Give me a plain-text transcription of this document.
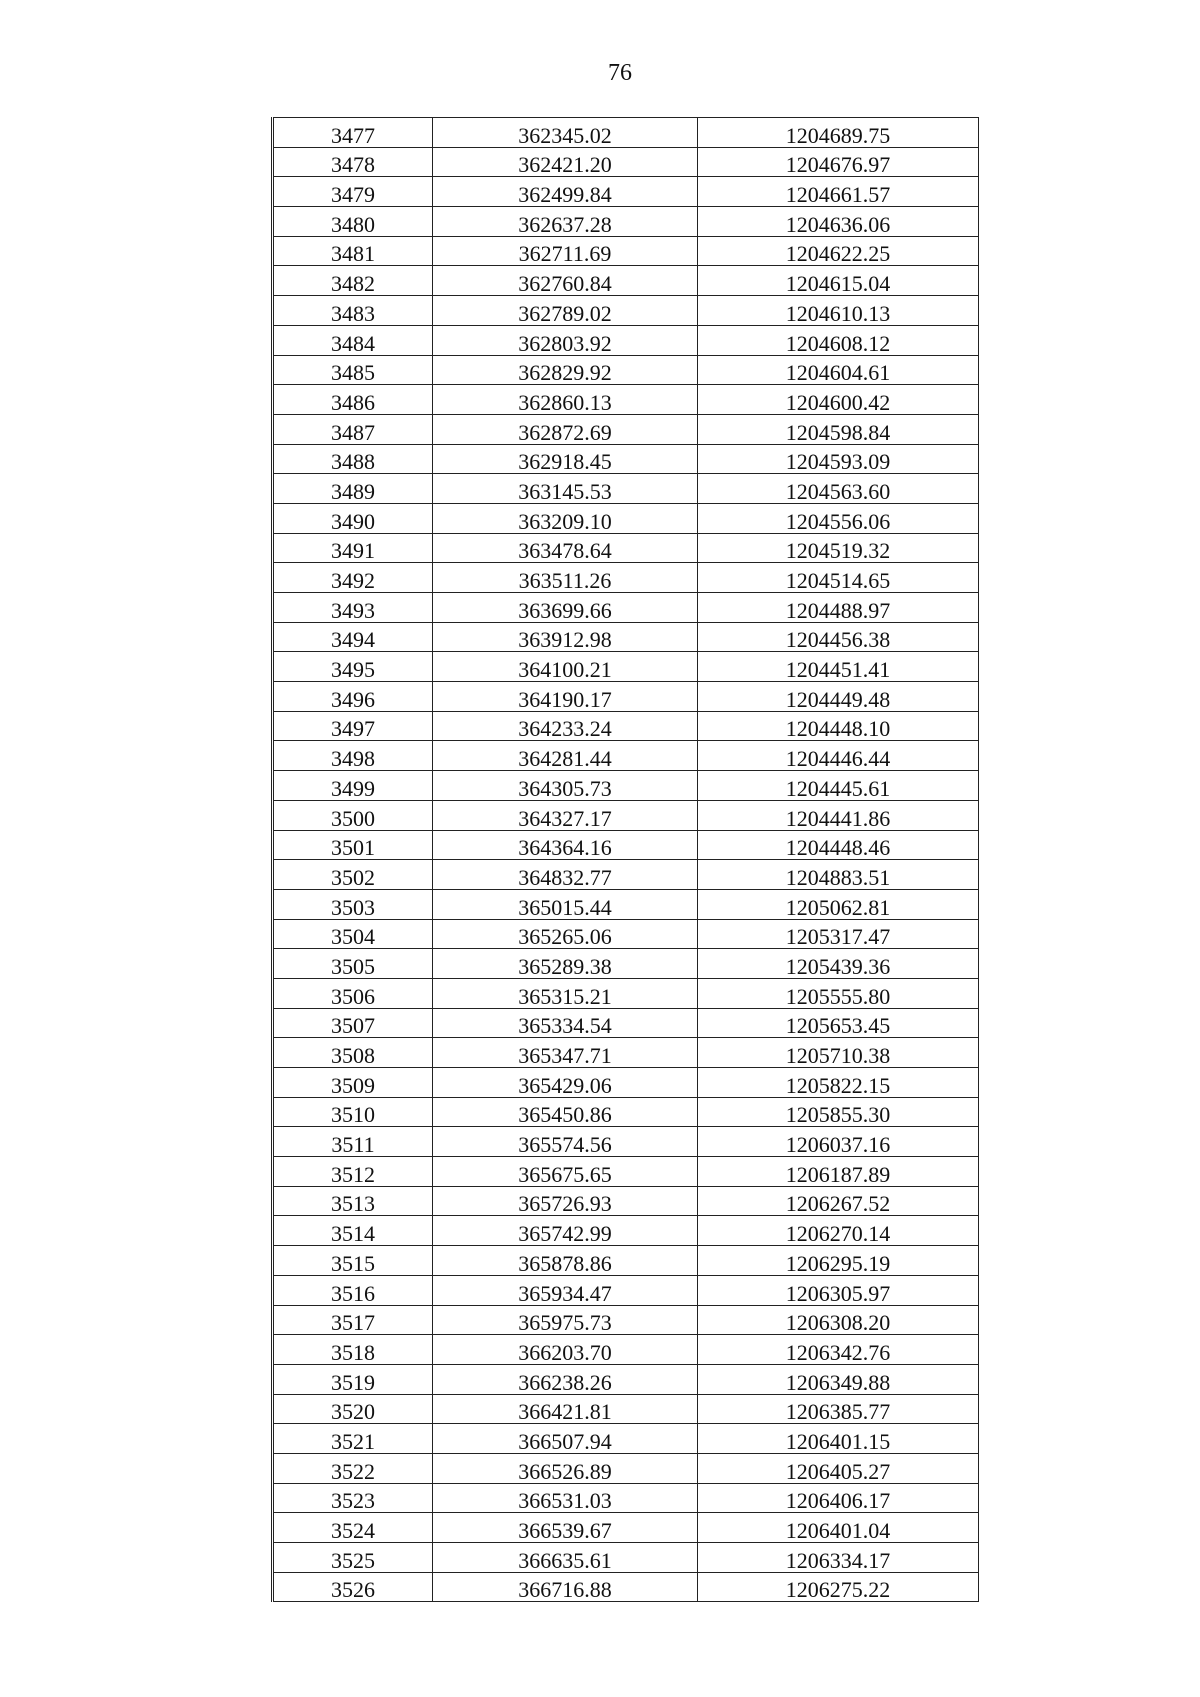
76
3477	362345.02	1204689.75
3478	362421.20	1204676.97
3479	362499.84	1204661.57
3480	362637.28	1204636.06
3481	362711.69	1204622.25
3482	362760.84	1204615.04
3483	362789.02	1204610.13
3484	362803.92	1204608.12
3485	362829.92	1204604.61
3486	362860.13	1204600.42
3487	362872.69	1204598.84
3488	362918.45	1204593.09
3489	363145.53	1204563.60
3490	363209.10	1204556.06
3491	363478.64	1204519.32
3492	363511.26	1204514.65
3493	363699.66	1204488.97
3494	363912.98	1204456.38
3495	364100.21	1204451.41
3496	364190.17	1204449.48
3497	364233.24	1204448.10
3498	364281.44	1204446.44
3499	364305.73	1204445.61
3500	364327.17	1204441.86
3501	364364.16	1204448.46
3502	364832.77	1204883.51
3503	365015.44	1205062.81
3504	365265.06	1205317.47
3505	365289.38	1205439.36
3506	365315.21	1205555.80
3507	365334.54	1205653.45
3508	365347.71	1205710.38
3509	365429.06	1205822.15
3510	365450.86	1205855.30
3511	365574.56	1206037.16
3512	365675.65	1206187.89
3513	365726.93	1206267.52
3514	365742.99	1206270.14
3515	365878.86	1206295.19
3516	365934.47	1206305.97
3517	365975.73	1206308.20
3518	366203.70	1206342.76
3519	366238.26	1206349.88
3520	366421.81	1206385.77
3521	366507.94	1206401.15
3522	366526.89	1206405.27
3523	366531.03	1206406.17
3524	366539.67	1206401.04
3525	366635.61	1206334.17
3526	366716.88	1206275.22
